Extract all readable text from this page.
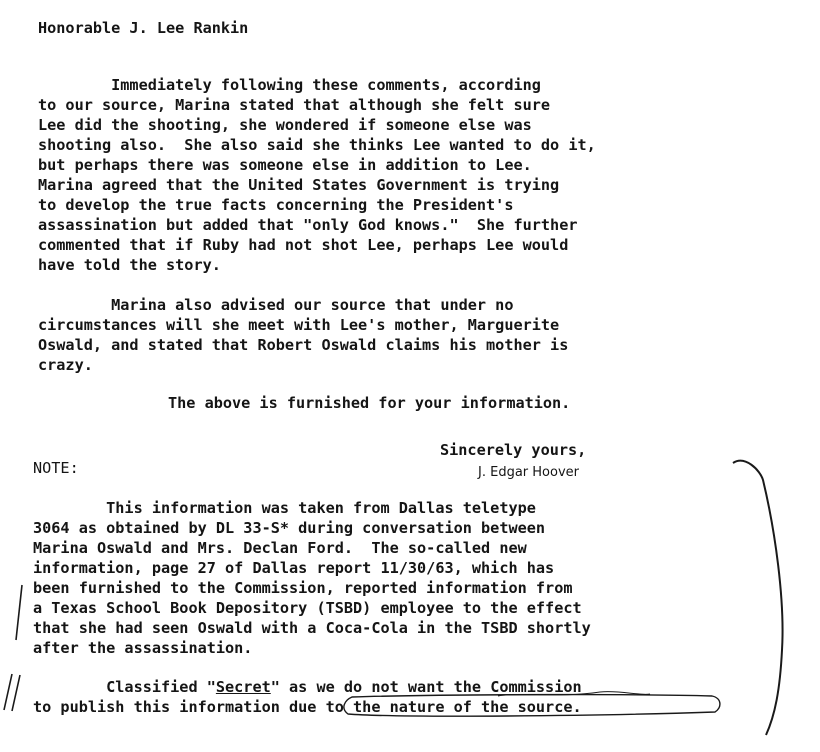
Honorable J. Lee Rankin
Immediately following these comments, according
to our source, Marina stated that although she felt sure
Lee did the shooting, she wondered if someone else was
shooting also.  She also said she thinks Lee wanted to do it,
but perhaps there was someone else in addition to Lee.
Marina agreed that the United States Government is trying
to develop the true facts concerning the President's
assassination but added that "only God knows."  She further
commented that if Ruby had not shot Lee, perhaps Lee would
have told the story.
Marina also advised our source that under no
circumstances will she meet with Lee's mother, Marguerite
Oswald, and stated that Robert Oswald claims his mother is
crazy.
The above is furnished for your information.
Sincerely yours,
J. Edgar Hoover
NOTE:
This information was taken from Dallas teletype
3064 as obtained by DL 33-S* during conversation between
Marina Oswald and Mrs. Declan Ford.  The so-called new
information, page 27 of Dallas report 11/30/63, which has
been furnished to the Commission, reported information from
a Texas School Book Depository (TSBD) employee to the effect
that she had seen Oswald with a Coca-Cola in the TSBD shortly
after the assassination.
Classified "Secret" as we do not want the Commission
to publish this information due to the nature of the source.
